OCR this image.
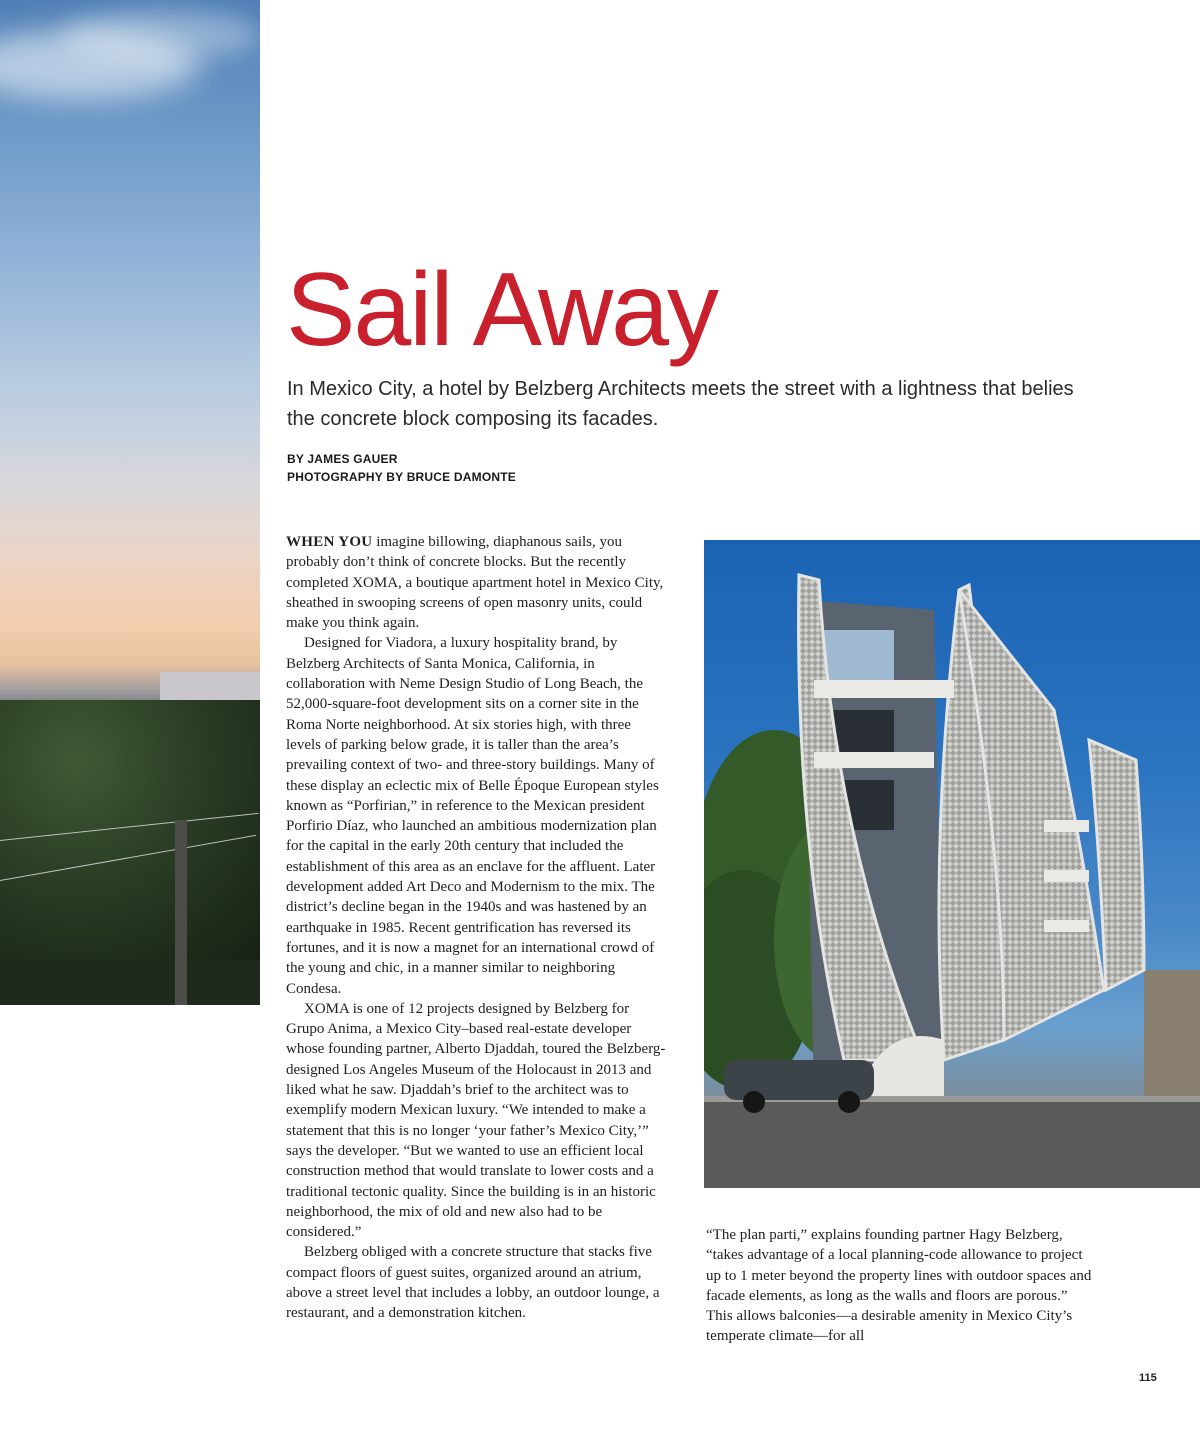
Sail Away

In Mexico City, a hotel by Belzberg Architects meets the street with a lightness that belies the concrete block composing its facades.

BY JAMES GAUER
PHOTOGRAPHY BY BRUCE DAMONTE

WHEN YOU imagine billowing, diaphanous sails, you probably don’t think of concrete blocks. But the recently completed XOMA, a boutique apartment hotel in Mexico City, sheathed in swooping screens of open masonry units, could make you think again.

Designed for Viadora, a luxury hospitality brand, by Belzberg Architects of Santa Monica, California, in collaboration with Neme Design Studio of Long Beach, the 52,000-square-foot development sits on a corner site in the Roma Norte neighborhood. At six stories high, with three levels of parking below grade, it is taller than the area’s prevailing context of two- and three-story buildings. Many of these display an eclectic mix of Belle Époque European styles known as “Porfirian,” in reference to the Mexican president Porfirio Díaz, who launched an ambitious modernization plan for the capital in the early 20th century that included the establishment of this area as an enclave for the affluent. Later development added Art Deco and Modernism to the mix. The district’s decline began in the 1940s and was hastened by an earthquake in 1985. Recent gentrification has reversed its fortunes, and it is now a magnet for an international crowd of the young and chic, in a manner similar to neighboring Condesa.

XOMA is one of 12 projects designed by Belzberg for Grupo Anima, a Mexico City–based real-estate developer whose founding partner, Alberto Djaddah, toured the Belzberg-designed Los Angeles Museum of the Holocaust in 2013 and liked what he saw. Djaddah’s brief to the architect was to exemplify modern Mexican luxury. “We intended to make a statement that this is no longer ‘your father’s Mexico City,’” says the developer. “But we wanted to use an efficient local construction method that would translate to lower costs and a traditional tectonic quality. Since the building is in an historic neighborhood, the mix of old and new also had to be considered.”

Belzberg obliged with a concrete structure that stacks five compact floors of guest suites, organized around an atrium, above a street level that includes a lobby, an outdoor lounge, a restaurant, and a demonstration kitchen.

“The plan parti,” explains founding partner Hagy Belzberg, “takes advantage of a local planning-code allowance to project up to 1 meter beyond the property lines with outdoor spaces and facade elements, as long as the walls and floors are porous.” This allows balconies—a desirable amenity in Mexico City’s temperate climate—for all

115
